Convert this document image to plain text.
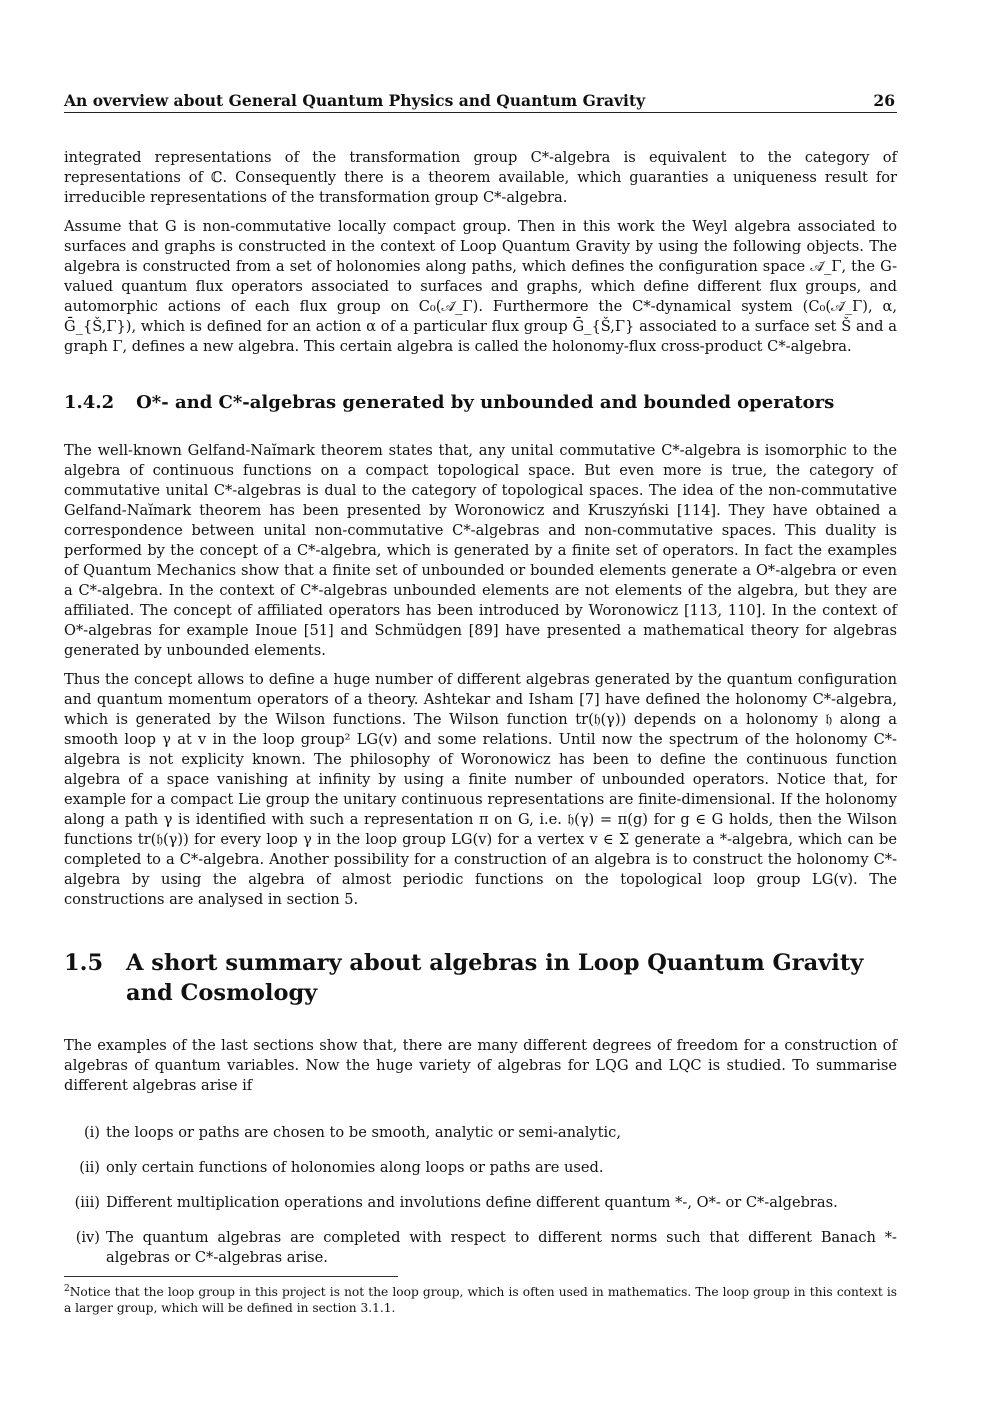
An overview about General Quantum Physics and Quantum Gravity	26

integrated representations of the transformation group C*-algebra is equivalent to the category of representations of ℂ. Consequently there is a theorem available, which guaranties a uniqueness result for irreducible representations of the transformation group C*-algebra.

Assume that G is non-commutative locally compact group. Then in this work the Weyl algebra associated to surfaces and graphs is constructed in the context of Loop Quantum Gravity by using the following objects. The algebra is constructed from a set of holonomies along paths, which defines the configuration space 𝒜̄_Γ, the G-valued quantum flux operators associated to surfaces and graphs, which define different flux groups, and automorphic actions of each flux group on C₀(𝒜̄_Γ). Furthermore the C*-dynamical system (C₀(𝒜̄_Γ), α, Ḡ_{Š,Γ}), which is defined for an action α of a particular flux group Ḡ_{Š,Γ} associated to a surface set Š and a graph Γ, defines a new algebra. This certain algebra is called the holonomy-flux cross-product C*-algebra.

1.4.2 O*- and C*-algebras generated by unbounded and bounded operators

The well-known Gelfand-Naĭmark theorem states that, any unital commutative C*-algebra is isomorphic to the algebra of continuous functions on a compact topological space. But even more is true, the category of commutative unital C*-algebras is dual to the category of topological spaces. The idea of the non-commutative Gelfand-Naĭmark theorem has been presented by Woronowicz and Kruszyński [114]. They have obtained a correspondence between unital non-commutative C*-algebras and non-commutative spaces. This duality is performed by the concept of a C*-algebra, which is generated by a finite set of operators. In fact the examples of Quantum Mechanics show that a finite set of unbounded or bounded elements generate a O*-algebra or even a C*-algebra. In the context of C*-algebras unbounded elements are not elements of the algebra, but they are affiliated. The concept of affiliated operators has been introduced by Woronowicz [113, 110]. In the context of O*-algebras for example Inoue [51] and Schmüdgen [89] have presented a mathematical theory for algebras generated by unbounded elements.

Thus the concept allows to define a huge number of different algebras generated by the quantum configuration and quantum momentum operators of a theory. Ashtekar and Isham [7] have defined the holonomy C*-algebra, which is generated by the Wilson functions. The Wilson function tr(𝔥(γ)) depends on a holonomy 𝔥 along a smooth loop γ at v in the loop group² LG(v) and some relations. Until now the spectrum of the holonomy C*-algebra is not explicity known. The philosophy of Woronowicz has been to define the continuous function algebra of a space vanishing at infinity by using a finite number of unbounded operators. Notice that, for example for a compact Lie group the unitary continuous representations are finite-dimensional. If the holonomy along a path γ is identified with such a representation π on G, i.e. 𝔥(γ) = π(g) for g ∈ G holds, then the Wilson functions tr(𝔥(γ)) for every loop γ in the loop group LG(v) for a vertex v ∈ Σ generate a *-algebra, which can be completed to a C*-algebra. Another possibility for a construction of an algebra is to construct the holonomy C*-algebra by using the algebra of almost periodic functions on the topological loop group LG(v). The constructions are analysed in section 5.

1.5 A short summary about algebras in Loop Quantum Gravity and Cosmology

The examples of the last sections show that, there are many different degrees of freedom for a construction of algebras of quantum variables. Now the huge variety of algebras for LQG and LQC is studied. To summarise different algebras arise if

(i) the loops or paths are chosen to be smooth, analytic or semi-analytic,
(ii) only certain functions of holonomies along loops or paths are used.
(iii) Different multiplication operations and involutions define different quantum *-, O*- or C*-algebras.
(iv) The quantum algebras are completed with respect to different norms such that different Banach *-algebras or C*-algebras arise.
$^2$Notice that the loop group in this project is not the loop group, which is often used in mathematics. The loop group in this context is a larger group, which will be defined in section 3.1.1.
